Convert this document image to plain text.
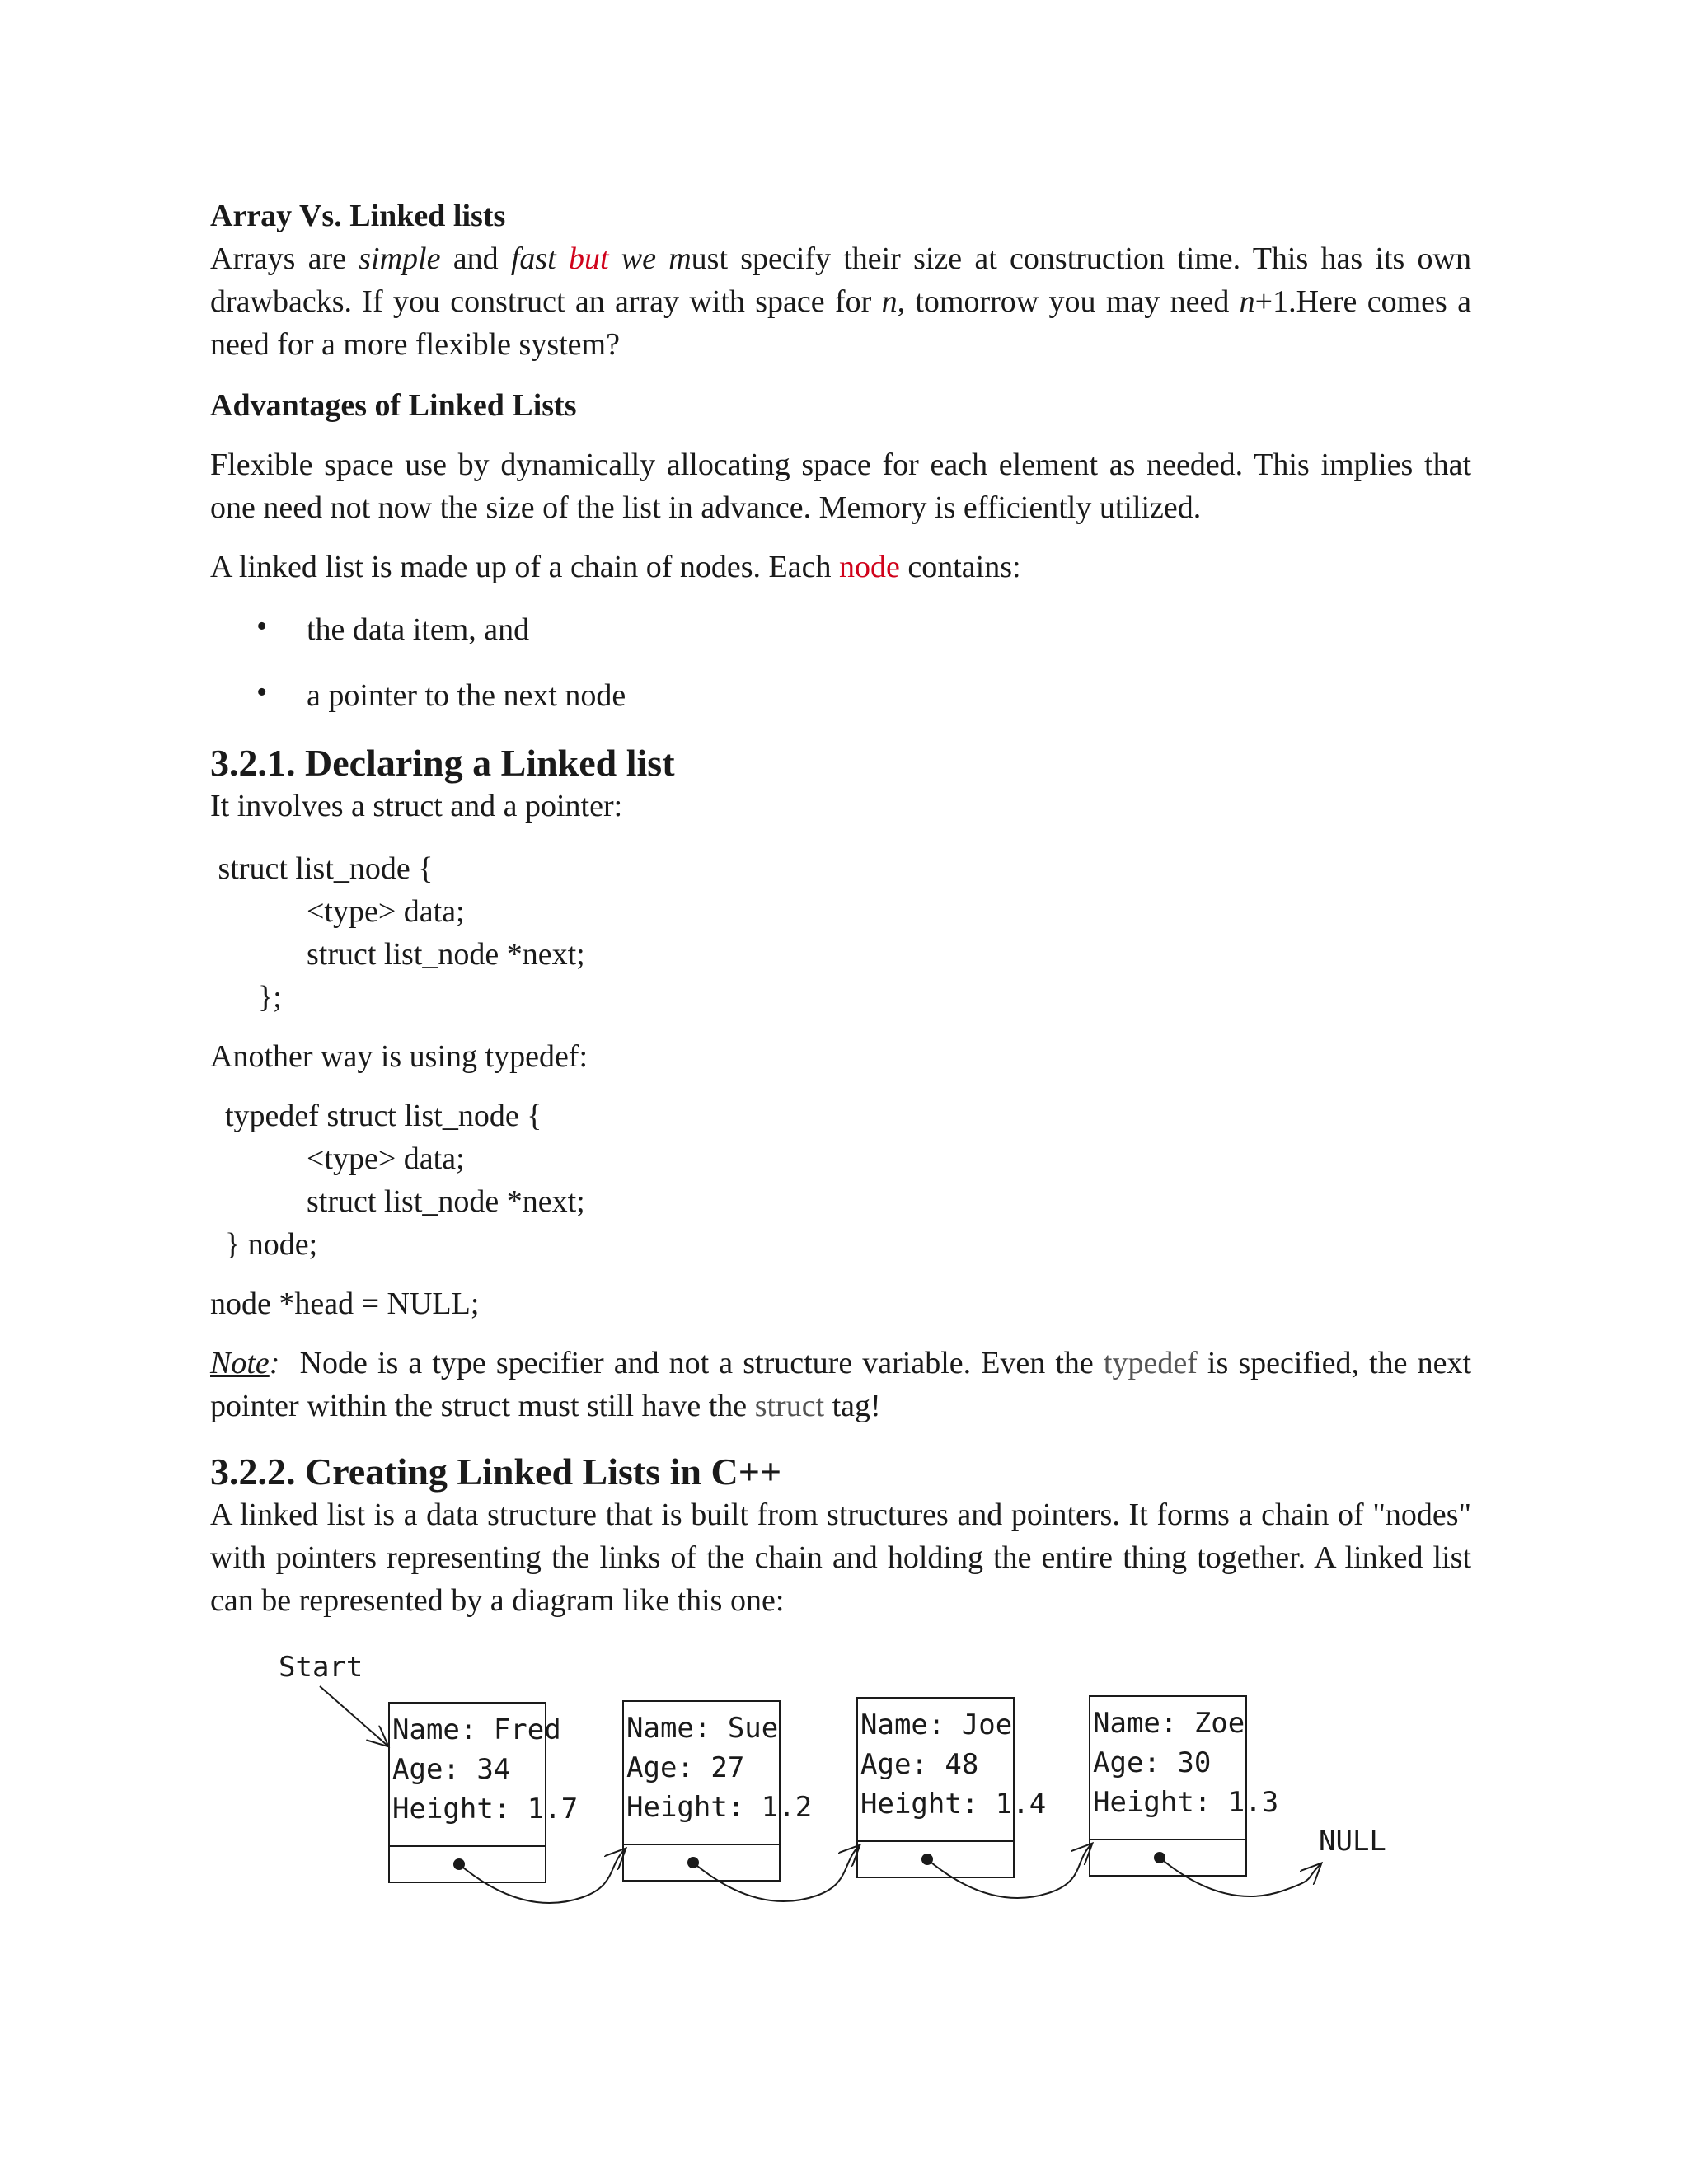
Array Vs. Linked lists

Arrays are simple and fast but we must specify their size at construction time. This has its own drawbacks. If you construct an array with space for n, tomorrow you may need n+1.Here comes a need for a more flexible system?

Advantages of Linked Lists

Flexible space use by dynamically allocating space for each element as needed. This implies that one need not now the size of the list in advance. Memory is efficiently utilized.

A linked list is made up of a chain of nodes. Each node contains:

• the data item, and
• a pointer to the next node
3.2.1. Declaring a Linked list

It involves a struct and a pointer:

struct list_node {
<type> data;
struct list_node *next;
};

Another way is using typedef:

typedef struct list_node {
<type> data;
struct list_node *next;
} node;

node *head = NULL;

Note:  Node is a type specifier and not a structure variable. Even the typedef is specified, the next pointer within the struct must still have the struct tag!

3.2.2. Creating Linked Lists in C++

A linked list is a data structure that is built from structures and pointers. It forms a chain of "nodes" with pointers representing the links of the chain and holding the entire thing together. A linked list can be represented by a diagram like this one:

Start
Name: Fred
Age: 34
Height: 1.7
Name: Sue
Age: 27
Height: 1.2
Name: Joe
Age: 48
Height: 1.4
Name: Zoe
Age: 30
Height: 1.3
NULL
